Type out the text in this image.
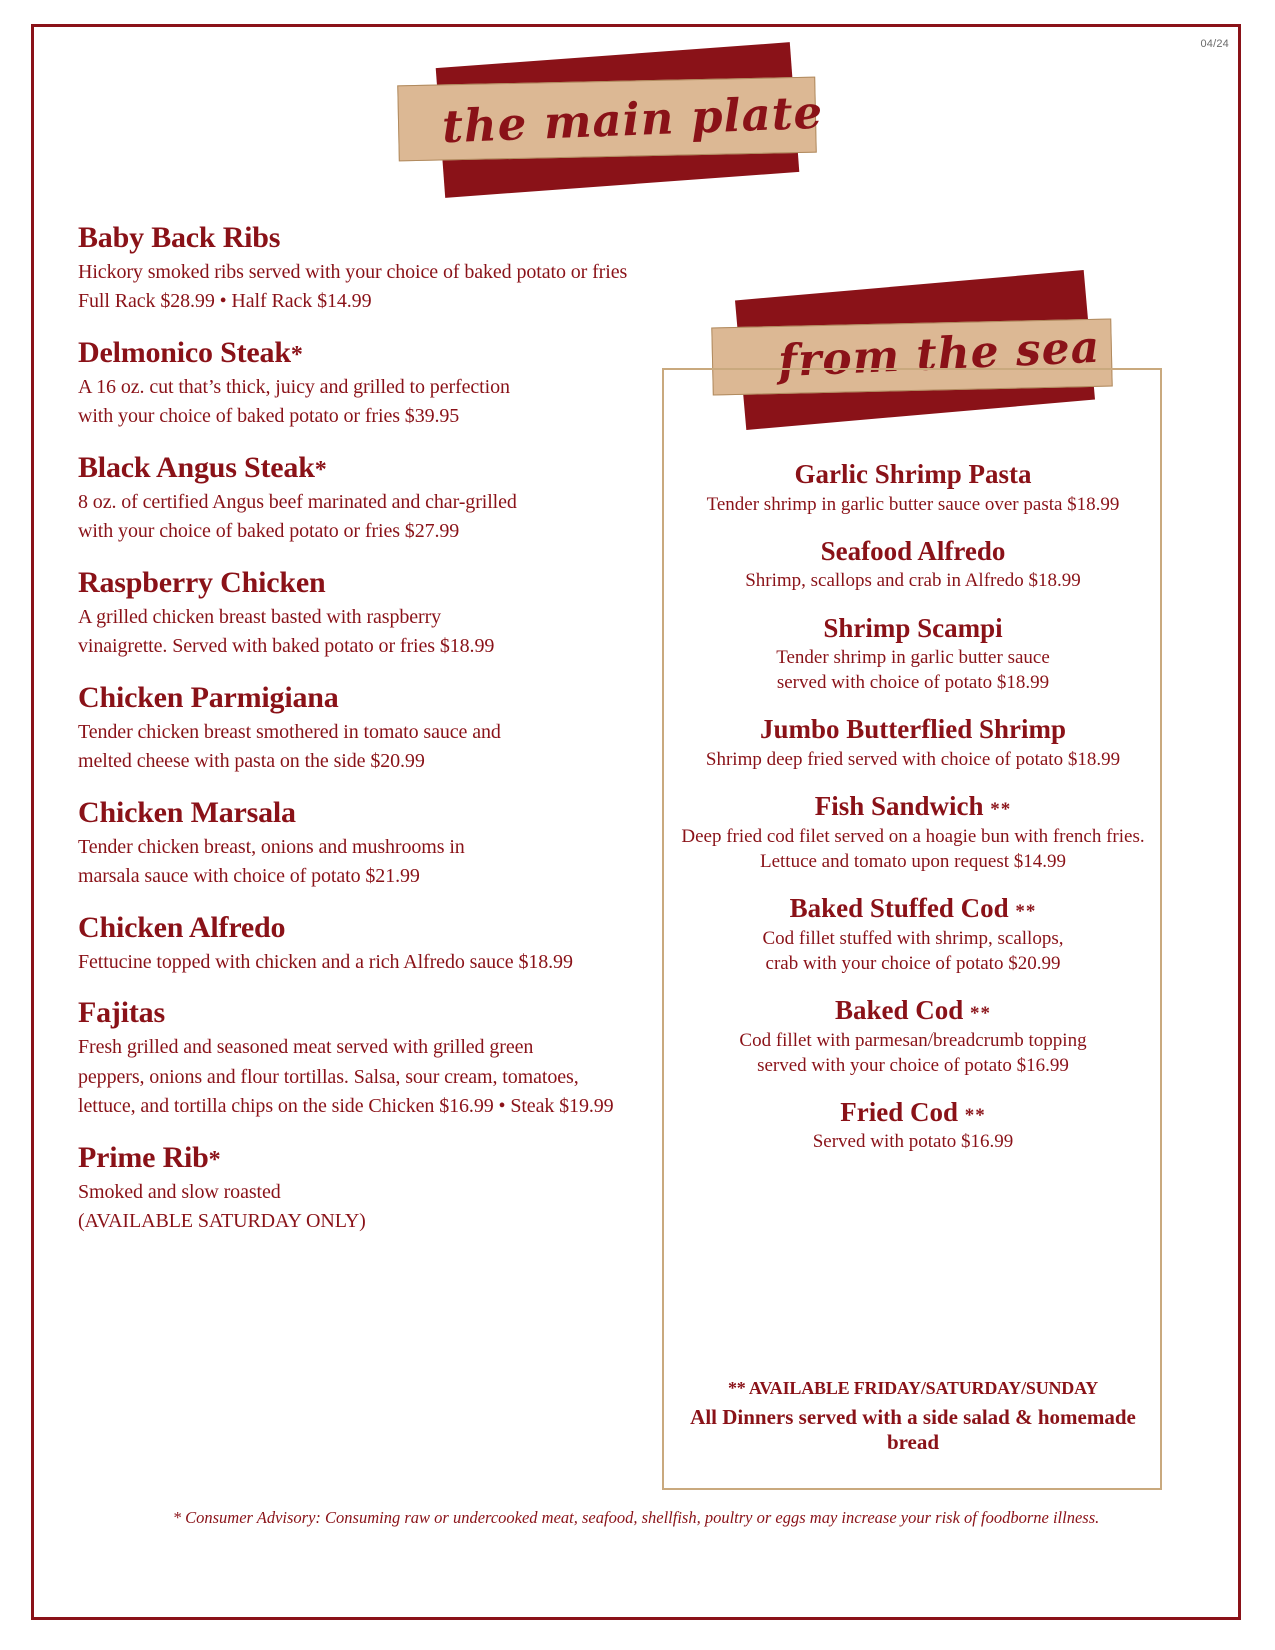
04/24
the main plate
from the sea
Baby Back Ribs
Hickory smoked ribs served with your choice of baked potato or fries
Full Rack $28.99 • Half Rack $14.99
Delmonico Steak*
A 16 oz. cut that’s thick, juicy and grilled to perfection
with your choice of baked potato or fries $39.95
Black Angus Steak*
8 oz. of certified Angus beef marinated and char-grilled
with your choice of baked potato or fries $27.99
Raspberry Chicken
A grilled chicken breast basted with raspberry
vinaigrette. Served with baked potato or fries $18.99
Chicken Parmigiana
Tender chicken breast smothered in tomato sauce and
melted cheese with pasta on the side $20.99
Chicken Marsala
Tender chicken breast, onions and mushrooms in
marsala sauce with choice of potato $21.99
Chicken Alfredo
Fettucine topped with chicken and a rich Alfredo sauce $18.99
Fajitas
Fresh grilled and seasoned meat served with grilled green
peppers, onions and flour tortillas. Salsa, sour cream, tomatoes,
lettuce, and tortilla chips on the side Chicken $16.99 • Steak $19.99
Prime Rib*
Smoked and slow roasted
(AVAILABLE SATURDAY ONLY)
Garlic Shrimp Pasta
Tender shrimp in garlic butter sauce over pasta $18.99
Seafood Alfredo
Shrimp, scallops and crab in Alfredo $18.99
Shrimp Scampi
Tender shrimp in garlic butter sauce
served with choice of potato $18.99
Jumbo Butterflied Shrimp
Shrimp deep fried served with choice of potato $18.99
Fish Sandwich **
Deep fried cod filet served on a hoagie bun with french fries.
Lettuce and tomato upon request $14.99
Baked Stuffed Cod **
Cod fillet stuffed with shrimp, scallops,
crab with your choice of potato $20.99
Baked Cod **
Cod fillet with parmesan/breadcrumb topping
served with your choice of potato $16.99
Fried Cod **
Served with potato $16.99
** AVAILABLE FRIDAY/SATURDAY/SUNDAY
All Dinners served with a side salad & homemade bread
* Consumer Advisory: Consuming raw or undercooked meat, seafood, shellfish, poultry or eggs may increase your risk of foodborne illness.
